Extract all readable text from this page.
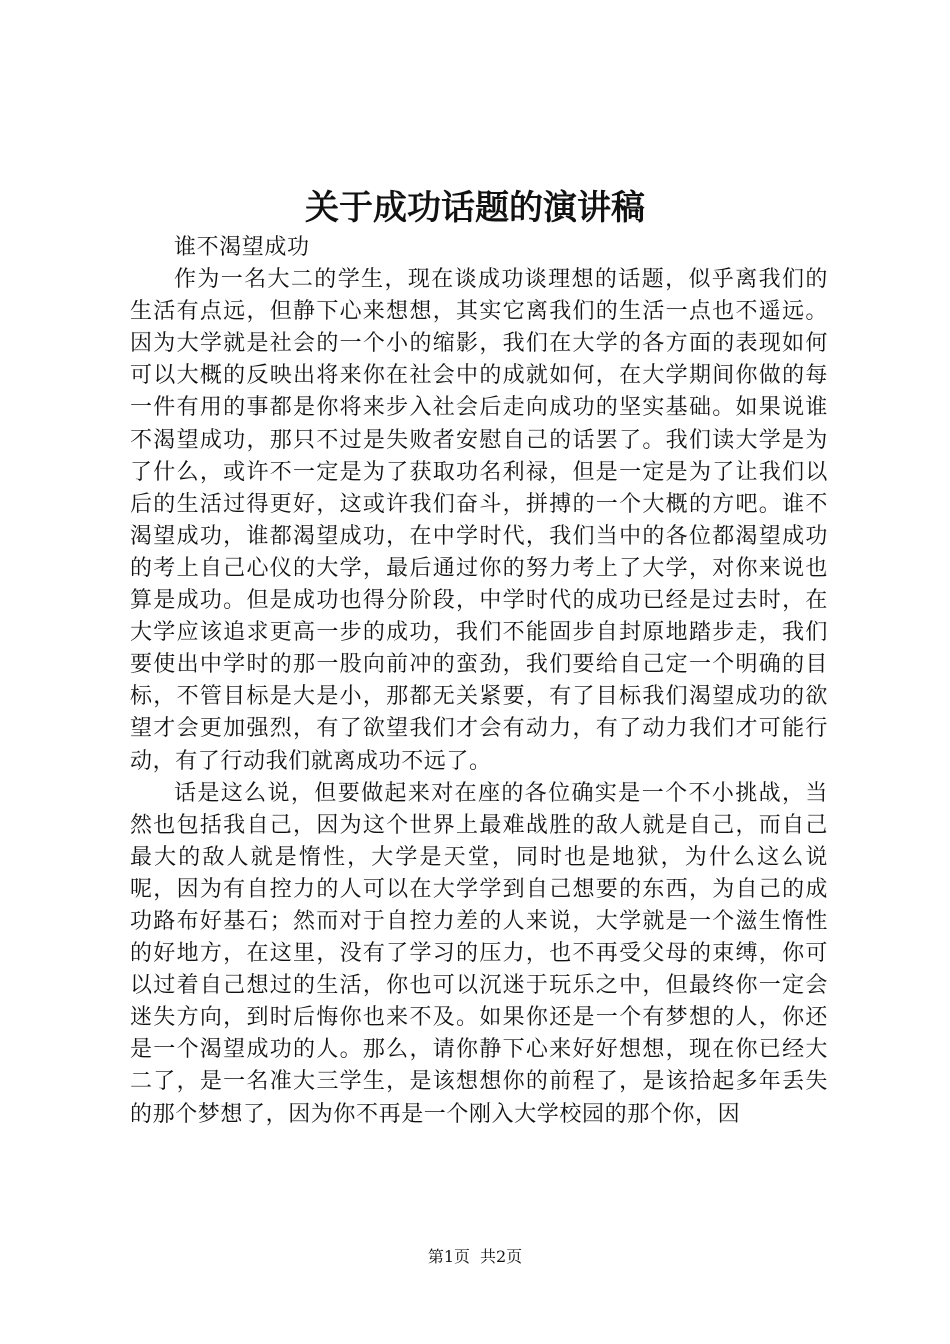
关于成功话题的演讲稿

谁不渴望成功

作为一名大二的学生，现在谈成功谈理想的话题，似乎离我们的生活有点远，但静下心来想想，其实它离我们的生活一点也不遥远。因为大学就是社会的一个小的缩影，我们在大学的各方面的表现如何可以大概的反映出将来你在社会中的成就如何，在大学期间你做的每一件有用的事都是你将来步入社会后走向成功的坚实基础。如果说谁不渴望成功，那只不过是失败者安慰自己的话罢了。我们读大学是为了什么，或许不一定是为了获取功名利禄，但是一定是为了让我们以后的生活过得更好，这或许我们奋斗，拼搏的一个大概的方吧。谁不渴望成功，谁都渴望成功，在中学时代，我们当中的各位都渴望成功的考上自己心仪的大学，最后通过你的努力考上了大学，对你来说也算是成功。但是成功也得分阶段，中学时代的成功已经是过去时，在大学应该追求更高一步的成功，我们不能固步自封原地踏步走，我们要使出中学时的那一股向前冲的蛮劲，我们要给自己定一个明确的目标，不管目标是大是小，那都无关紧要，有了目标我们渴望成功的欲望才会更加强烈，有了欲望我们才会有动力，有了动力我们才可能行动，有了行动我们就离成功不远了。

话是这么说，但要做起来对在座的各位确实是一个不小挑战，当然也包括我自己，因为这个世界上最难战胜的敌人就是自己，而自己最大的敌人就是惰性，大学是天堂，同时也是地狱，为什么这么说呢，因为有自控力的人可以在大学学到自己想要的东西，为自己的成功路布好基石；然而对于自控力差的人来说，大学就是一个滋生惰性的好地方，在这里，没有了学习的压力，也不再受父母的束缚，你可以过着自己想过的生活，你也可以沉迷于玩乐之中，但最终你一定会迷失方向，到时后悔你也来不及。如果你还是一个有梦想的人，你还是一个渴望成功的人。那么，请你静下心来好好想想，现在你已经大二了，是一名准大三学生，是该想想你的前程了，是该拾起多年丢失的那个梦想了，因为你不再是一个刚入大学校园的那个你，因

第1页 共2页
